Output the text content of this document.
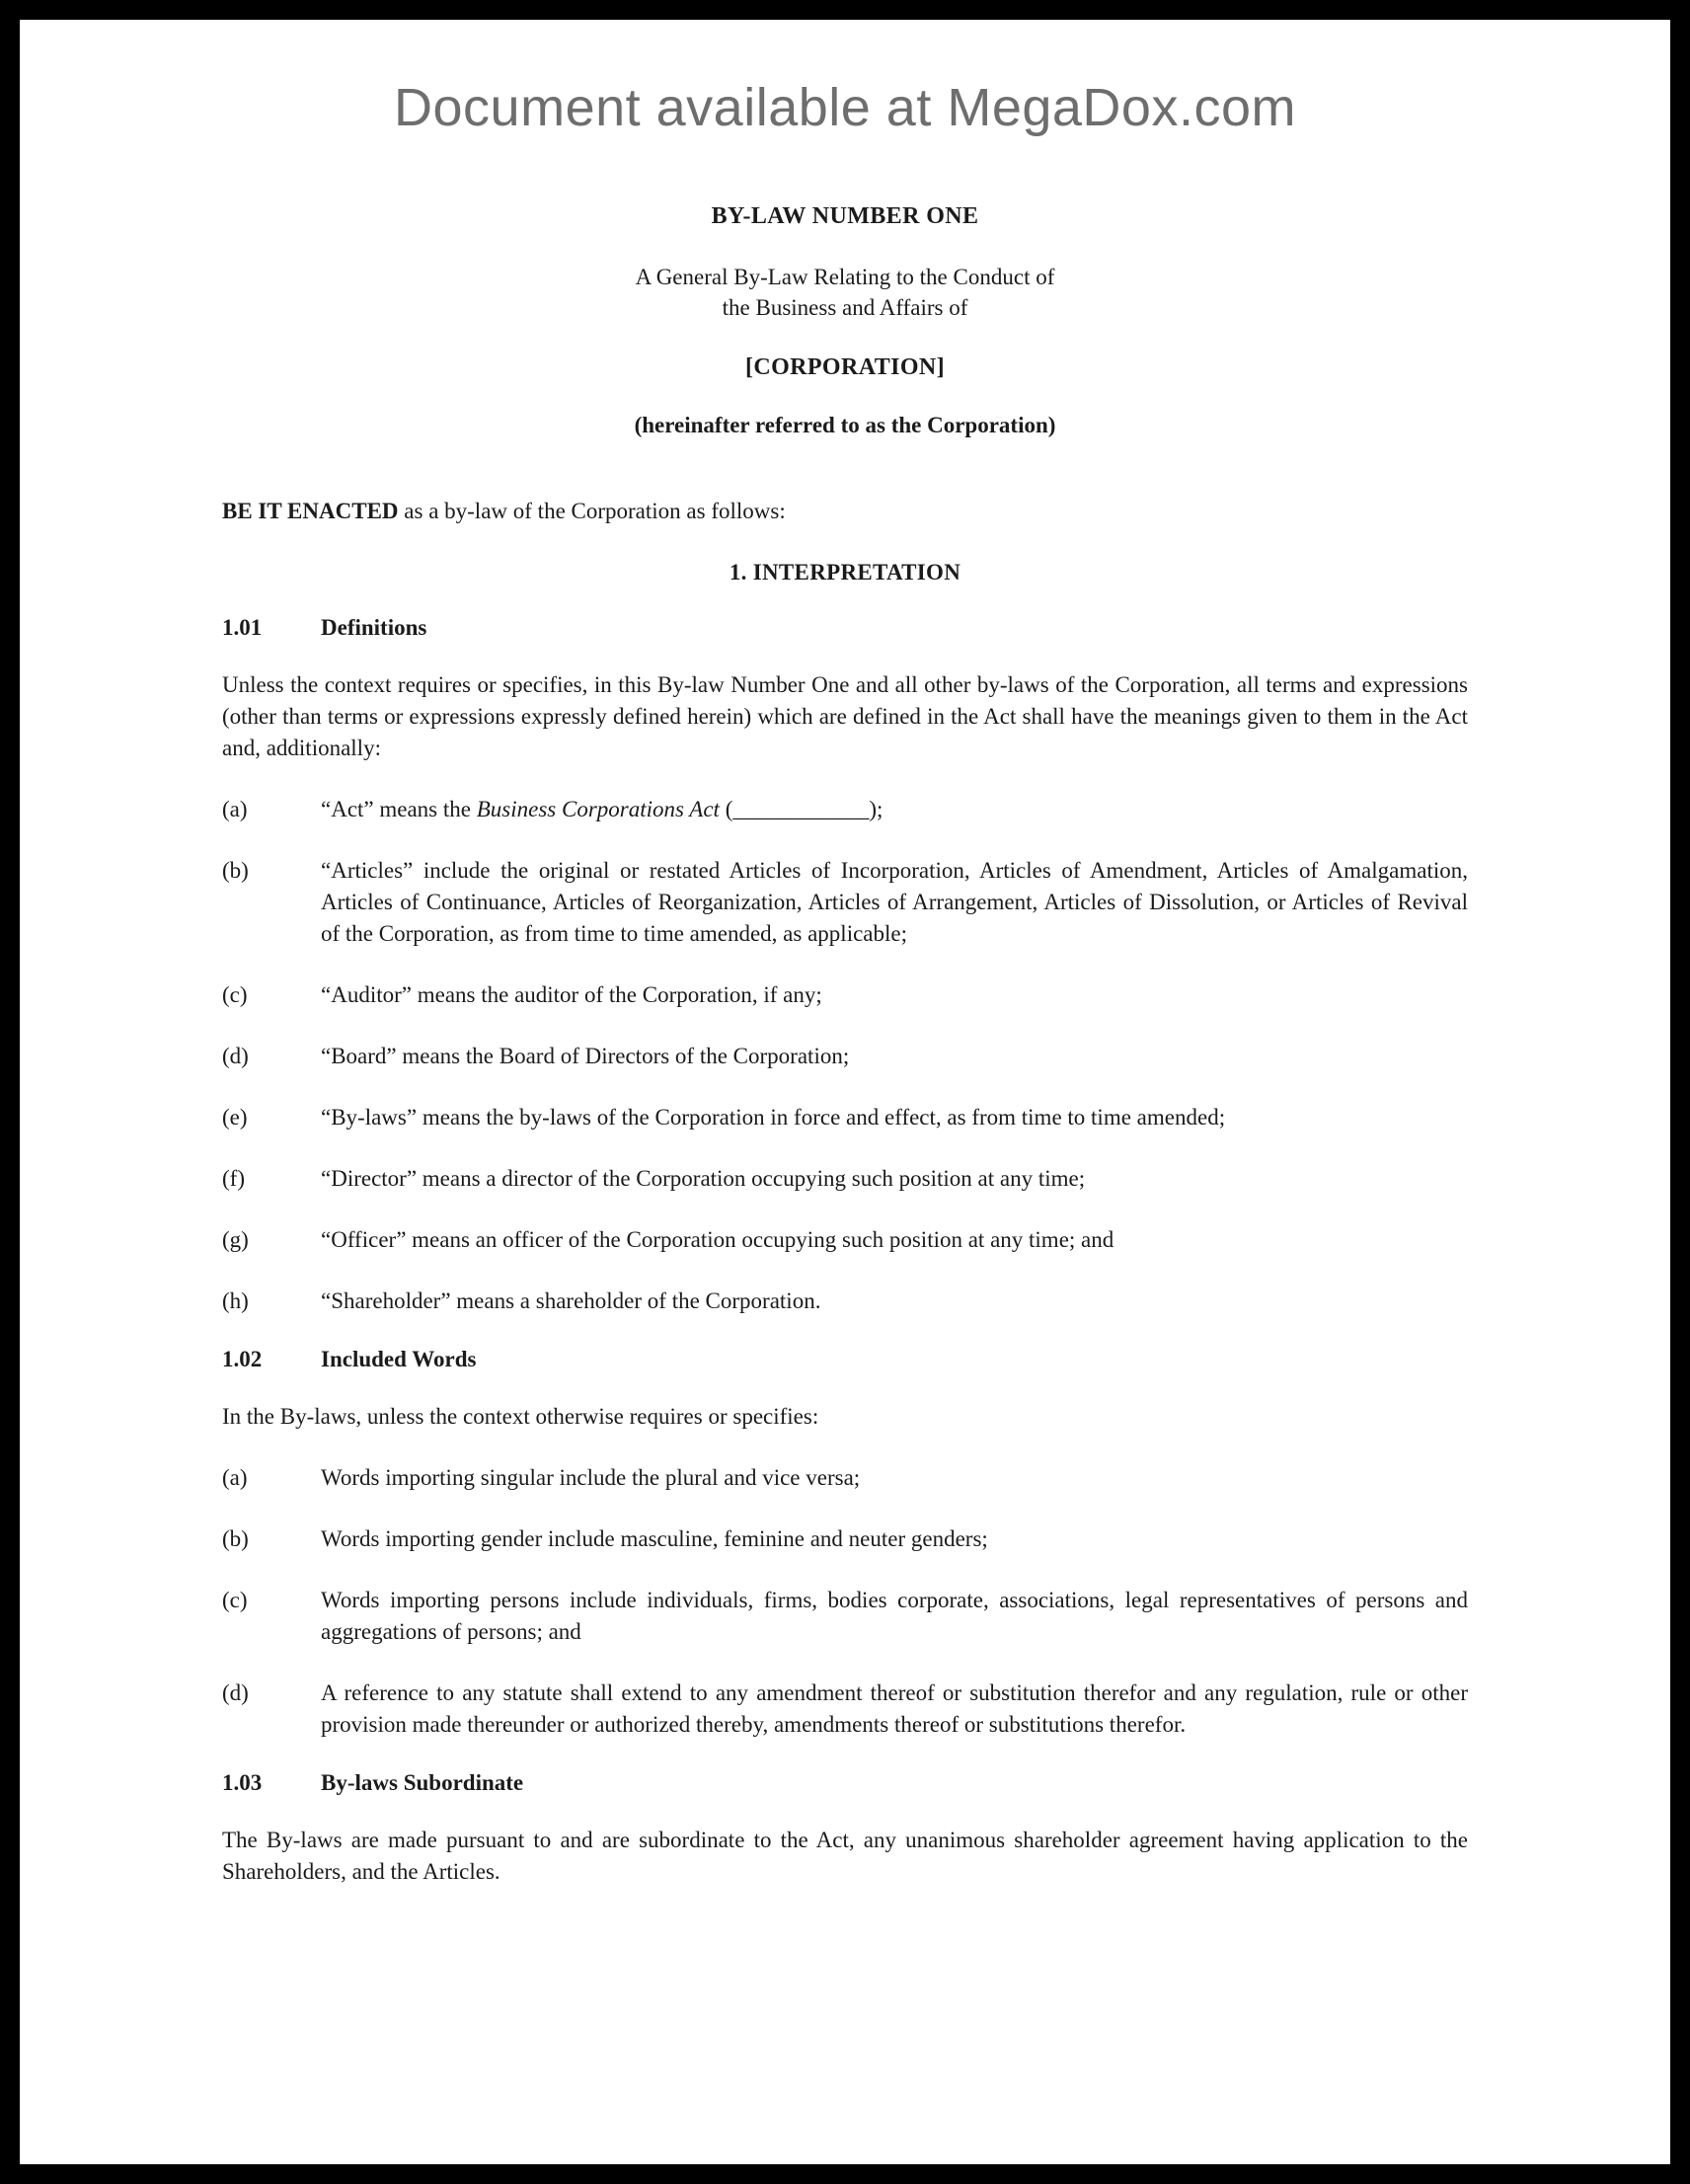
Document available at MegaDox.com
BY-LAW NUMBER ONE
A General By-Law Relating to the Conduct of
the Business and Affairs of
[CORPORATION]
(hereinafter referred to as the Corporation)

BE IT ENACTED as a by-law of the Corporation as follows:

1. INTERPRETATION
1.01	Definitions

Unless the context requires or specifies, in this By-law Number One and all other by-laws of the Corporation, all terms and expressions (other than terms or expressions expressly defined herein) which are defined in the Act shall have the meanings given to them in the Act and, additionally:

(a)	“Act” means the Business Corporations Act (____________);
(b)	“Articles” include the original or restated Articles of Incorporation, Articles of Amendment, Articles of Amalgamation, Articles of Continuance, Articles of Reorganization, Articles of Arrangement, Articles of Dissolution, or Articles of Revival of the Corporation, as from time to time amended, as applicable;
(c)	“Auditor” means the auditor of the Corporation, if any;
(d)	“Board” means the Board of Directors of the Corporation;
(e)	“By-laws” means the by-laws of the Corporation in force and effect, as from time to time amended;
(f)	“Director” means a director of the Corporation occupying such position at any time;
(g)	“Officer” means an officer of the Corporation occupying such position at any time; and
(h)	“Shareholder” means a shareholder of the Corporation.
1.02	Included Words

In the By-laws, unless the context otherwise requires or specifies:

(a)	Words importing singular include the plural and vice versa;
(b)	Words importing gender include masculine, feminine and neuter genders;
(c)	Words importing persons include individuals, firms, bodies corporate, associations, legal representatives of persons and aggregations of persons; and
(d)	A reference to any statute shall extend to any amendment thereof or substitution therefor and any regulation, rule or other provision made thereunder or authorized thereby, amendments thereof or substitutions therefor.
1.03	By-laws Subordinate

The By-laws are made pursuant to and are subordinate to the Act, any unanimous shareholder agreement having application to the Shareholders, and the Articles.
